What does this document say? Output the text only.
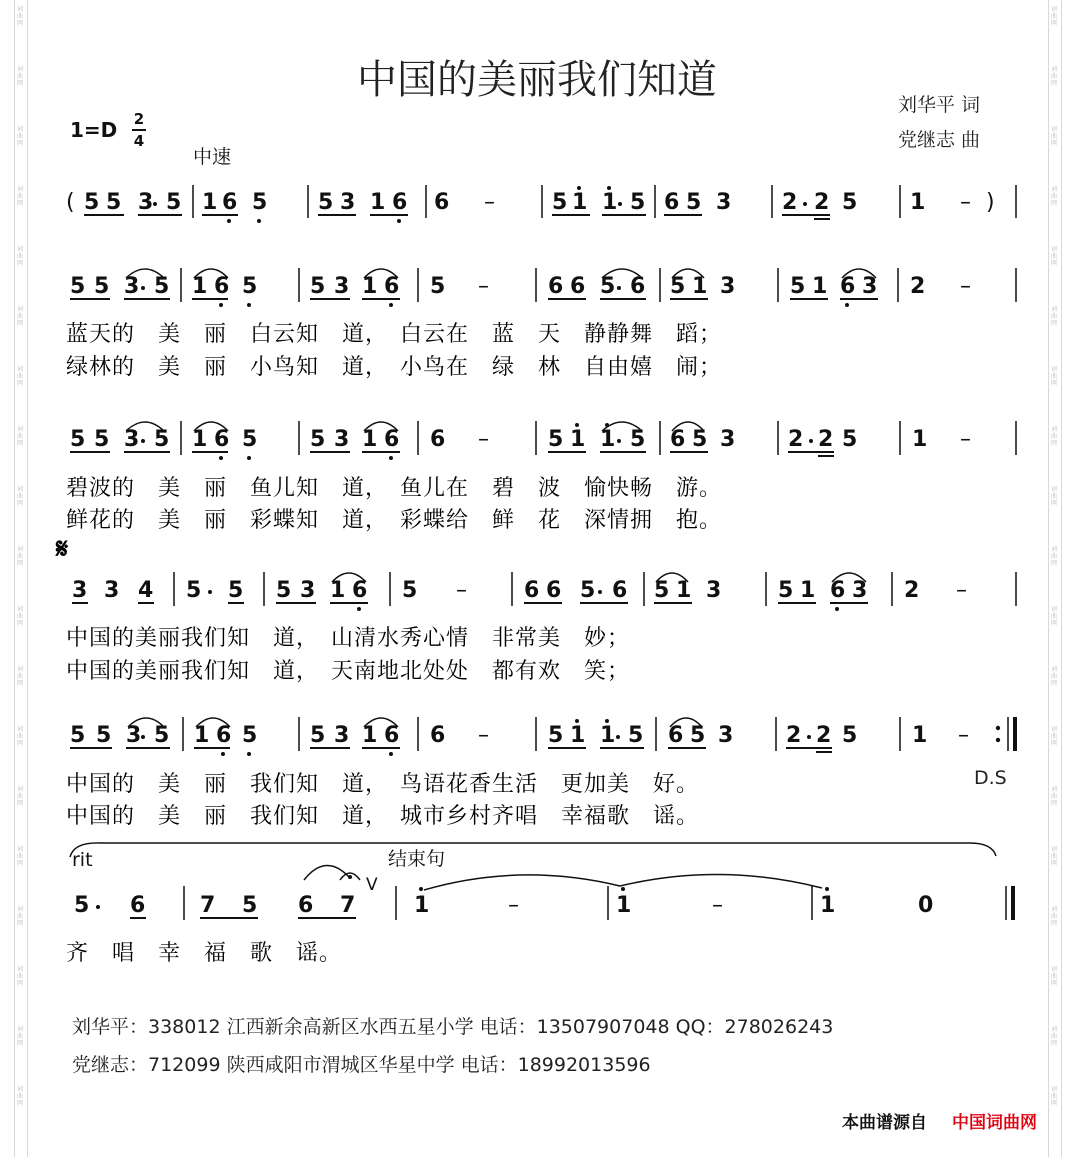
词
曲
网
词
曲
网
词
曲
网
词
曲
网
词
曲
网
词
曲
网
词
曲
网
词
曲
网
词
曲
网
词
曲
网
词
曲
网
词
曲
网
词
曲
网
词
曲
网
词
曲
网
词
曲
网
词
曲
网
词
曲
网
词
曲
网
词
曲
网
词
曲
网
词
曲
网
词
曲
网
词
曲
网
词
曲
网
词
曲
网
词
曲
网
词
曲
网
词
曲
网
词
曲
网
词
曲
网
词
曲
网
词
曲
网
词
曲
网
词
曲
网
词
曲
网
词
曲
网
词
曲
网
中国的美丽我们知道
刘华平 词
党继志 曲
1=D 2
4
中速
( 5 5 3 5 1 6 5 5 3 1 6 6 –	5 1 1 5 6 5 3 2 2 5 1 – )
5 5 3 5 1 6 5 5 3 1 6 5 –	6 6 5 6 5 1 3 5 1 6 3 2 –
蓝天的　美　丽　白云知　道，　白云在　蓝　天　静静舞　蹈；
绿林的　美　丽　小鸟知　道，　小鸟在　绿　林　自由嬉　闹；
5 5 3 5 1 6 5 5 3 1 6 6 –	5 1 1 5 6 5 3 2 2 5 1 –
碧波的　美　丽　鱼儿知　道，　鱼儿在　碧　波　愉快畅　游。
鲜花的　美　丽　彩蝶知　道，　彩蝶给　鲜　花　深情拥　抱。
𝄋
3 3 4 5 5 5 3 1 6 5 –	6 6 5 6 5 1 3	5 1 6 3 2 –
中国的美丽我们知　道，　山清水秀心情　非常美　妙；
中国的美丽我们知　道，　天南地北处处　都有欢　笑；
5 5 3 5 1 6 5 5 3 1 6 6 –	5 1 1 5 6 5 3 2 2 5 1 –
中国的　美　丽　我们知　道，　鸟语花香生活　更加美　好。
中国的　美　丽　我们知　道，　城市乡村齐唱　幸福歌　谣。
D.S
rit	结束句
5 6 7 5 6 7
V
1	–	1	–	1	0
齐　唱　幸　福　歌　谣。
刘华平：338012 江西新余高新区水西五星小学 电话：13507907048 QQ：278026243
党继志：712099 陕西咸阳市渭城区华星中学 电话：18992013596
本曲谱源自 中国词曲网
